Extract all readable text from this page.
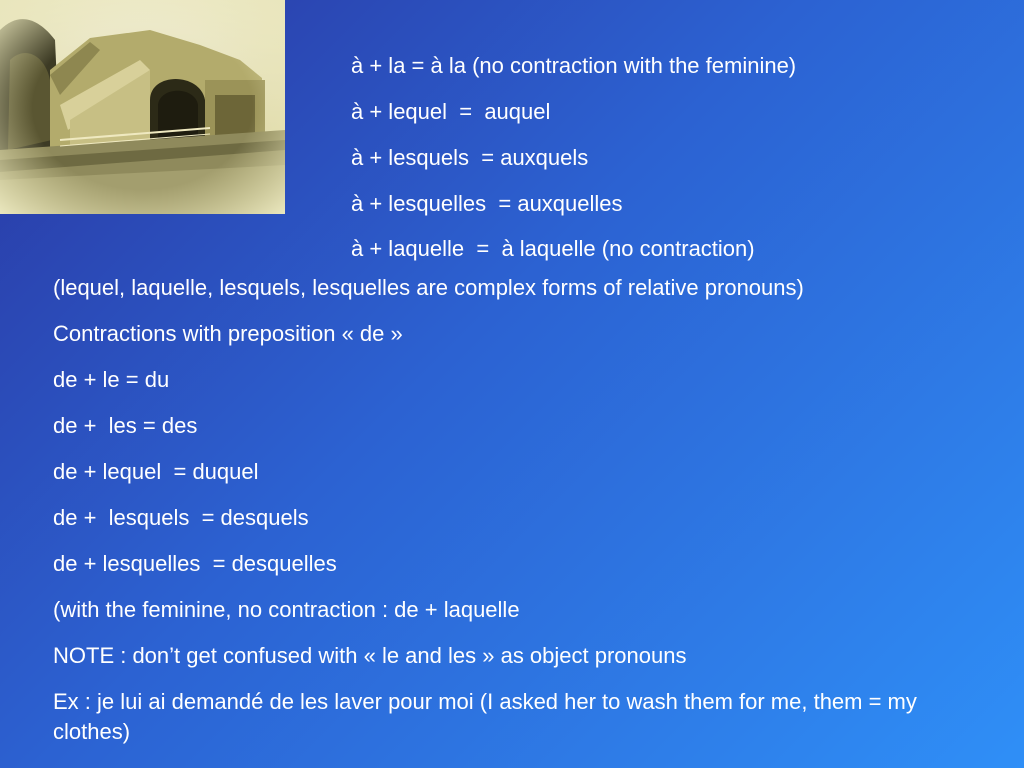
à + la = à la (no contraction with the feminine)
à + lequel  =  auquel
à + lesquels  = auxquels
à + lesquelles  = auxquelles
à + laquelle  =  à laquelle (no contraction)
(lequel, laquelle, lesquels, lesquelles are complex forms of relative pronouns)
Contractions with preposition « de »
de + le = du
de +  les = des
de + lequel  = duquel
de +  lesquels  = desquels
de + lesquelles  = desquelles
(with the feminine, no contraction : de + laquelle
NOTE : don’t get confused with « le and les » as object pronouns
Ex : je lui ai demandé de les laver pour moi (I asked her to wash them for me, them = my clothes)
